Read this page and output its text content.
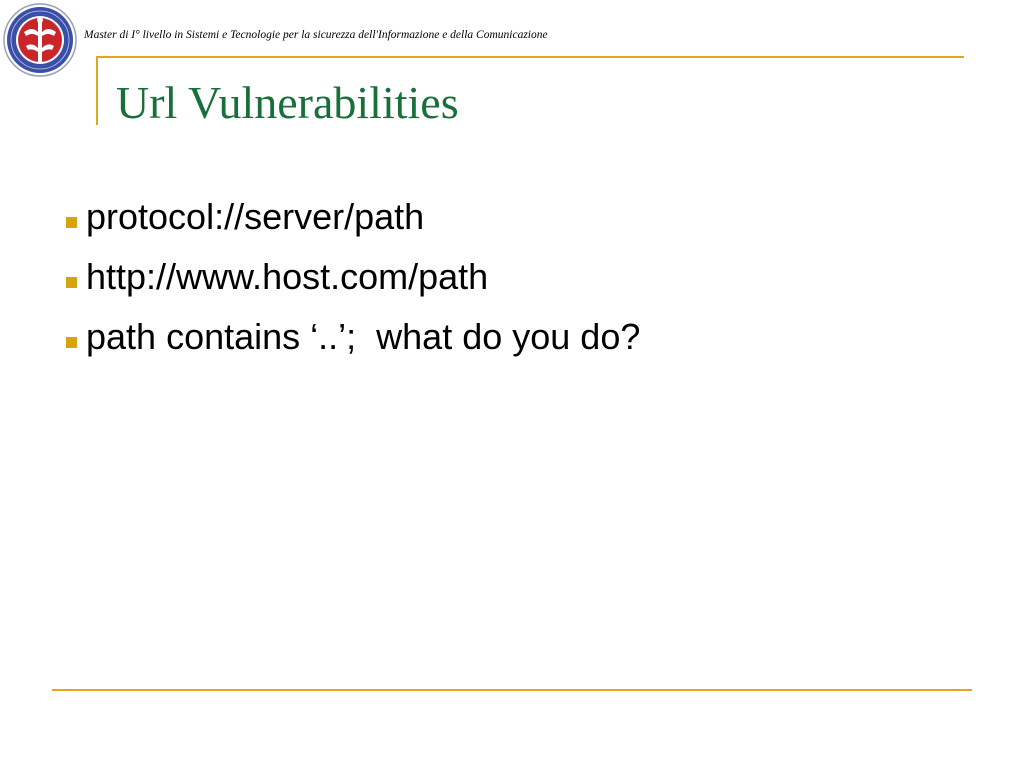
Master di I° livello in Sistemi e Tecnologie per la sicurezza dell'Informazione e della Comunicazione
Url Vulnerabilities
protocol://server/path
http://www.host.com/path
path contains ‘..’;  what do you do?
